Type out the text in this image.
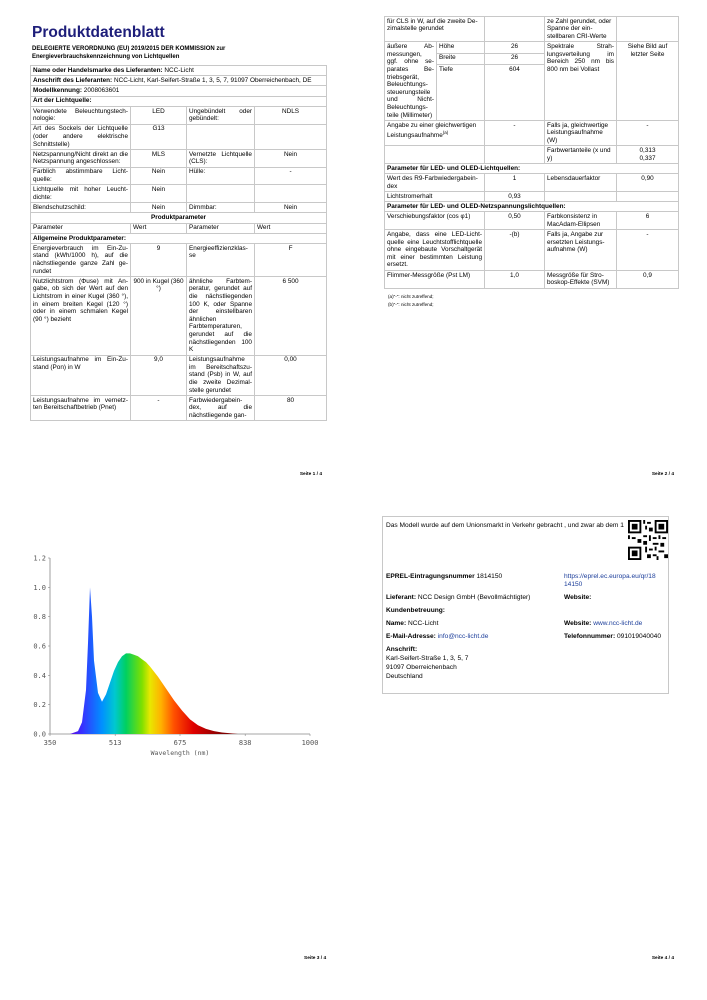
Produktdatenblatt
DELEGIERTE VERORDNUNG (EU) 2019/2015 DER KOMMISSION zur Energieverbrauchskennzeichnung von Lichtquellen
Name oder Handelsmarke des Lieferanten: NCC-Licht			
Anschrift des Lieferanten: NCC-Licht, Karl-Seifert-Straße 1, 3, 5, 7, 91097 Oberreichenbach, DE			
Modellkennung: 2008063601			
Art der Lichtquelle:			
Verwendete Beleuchtungstechnologie:	LED	Ungebündelt oder gebündelt:	NDLS
Art des Sockels der Lichtquelle (oder andere elektrische Schnittstelle)	G13		
Netzspannung/Nicht direkt an die Netzspannung angeschlossen:	MLS	Vernetzte Lichtquelle (CLS):	Nein
Farblich abstimmbare Lichtquelle:	Nein	Hülle:	-
Lichtquelle mit hoher Leuchtdichte:	Nein		
Blendschutzschild:	Nein	Dimmbar:	Nein
Produktparameter			
Parameter	Wert	Parameter	Wert
Allgemeine Produktparameter:			
Energieverbrauch im Ein-Zustand (kWh/1000 h), auf die nächstliegende ganze Zahl gerundet	9	Energieeffizienzklasse	F
Nutzlichtstrom (Φuse) mit Angabe, ob sich der Wert auf den Lichtstrom in einer Kugel (360 °), in einem breiten Kegel (120 °) oder in einem schmalen Kegel (90 °) bezieht	900 in Kugel (360 °)	ähnliche Farbtemperatur, gerundet auf die nächstliegenden 100 K, oder Spanne der einstellbaren ähnlichen Farbtemperaturen, gerundet auf die nächstliegenden 100 K	6 500
Leistungsaufnahme im Ein-Zustand (Pon) in W	9,0	Leistungsaufnahme im Bereitschaftszustand (Psb) in W, auf die zweite Dezimalstelle gerundet	0,00
Leistungsaufnahme im vernetzten Bereitschaftbetrieb (Pnet)	-	Farbwiedergabeindex, auf die nächstliegende gan-	80
Seite 1 / 4
für CLS in W, auf die zweite Dezimalstelle gerundet			ze Zahl gerundet, oder Spanne der einstellbaren CRI-Werte	
äußere Abmessungen, ggf. ohne separates Betriebsgerät, Beleuchtungssteuerungsteile und Nicht-Beleuchtungsteile (Millimeter)	Höhe	26	Spektrale Strahlungsverteilung im Bereich 250 nm bis 800 nm bei Vollast	Siehe Bild auf letzter Seite
	Breite	26		
	Tiefe	604		
Angabe zu einer gleichwertigen Leistungsaufnahme$^{(a)}$		-	Falls ja, gleichwertige Leistungsaufnahme (W)	-
			Farbwertanteile (x und y)	0,313
0,337
Parameter für LED- und OLED-Lichtquellen:				
Wert des R9-Farbwiedergabeindex		1	Lebensdauerfaktor	0,90
Lichtstromerhalt		0,93		
Parameter für LED- und OLED-Netzspannungslichtquellen:				
Verschiebungsfaktor (cos φ1)		0,50	Farbkonsistenz in MacAdam-Ellipsen	6
Angabe, dass eine LED-Lichtquelle eine Leuchtstofflichtquelle ohne eingebaute Vorschaltgerät mit einer bestimmten Leistung ersetzt.		-(b)	Falls ja, Angabe zur ersetzten Leistungsaufnahme (W)	-
Flimmer-Messgröße (Pst LM)		1,0	Messgröße für Stroboskop-Effekte (SVM)	0,9
(a)"-": nicht zutreffend;
(b)"-": nicht zutreffend;
Seite 2 / 4
0.0
0.2
0.4
0.6
0.8
1.0
1.2
350	513	675	838	1000
Wavelength (nm)
Seite 3 / 4
Das Modell wurde auf dem Unionsmarkt in Verkehr gebracht , und zwar ab dem 1
EPREL-Eintragungsnummer 1814150	https://eprel.ec.europa.eu/qr/18 14150
Lieferant: NCC Design GmbH (Bevollmächtigter)	Website:
Kundenbetreuung:
Name: NCC-Licht	Website: www.ncc-licht.de
E-Mail-Adresse: info@ncc-licht.de	Telefonnummer: 091019040040
Anschrift:
Karl-Seifert-Straße 1, 3, 5, 7
91097 Oberreichenbach
Deutschland
Seite 4 / 4
